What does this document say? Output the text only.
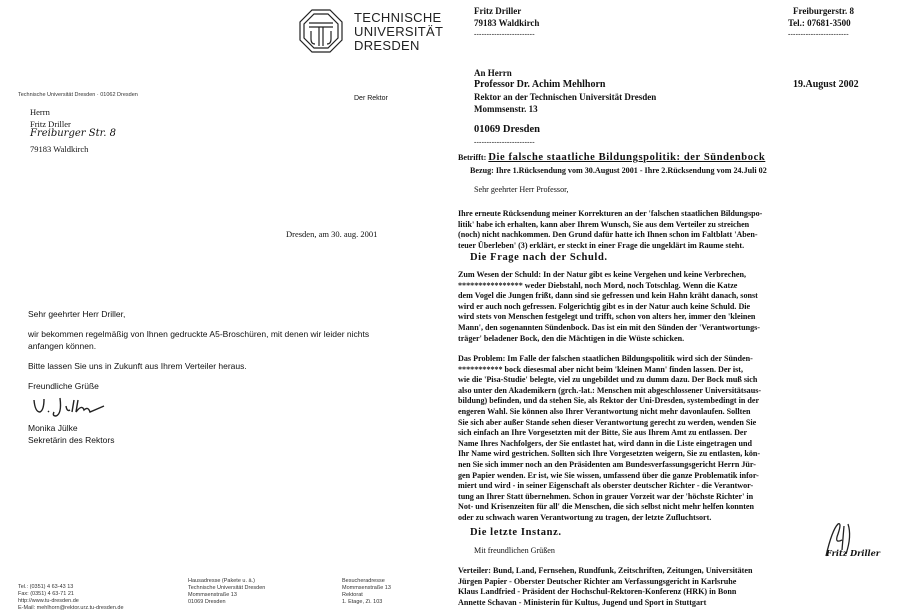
TECHNISCHE
UNIVERSITÄT
DRESDEN
Technische Universität Dresden · 01062 Dresden	Der Rektor
Herrn
Fritz Driller
Freiburger Str. 8
79183 Waldkirch
Dresden, am 30. aug. 2001
Sehr geehrter Herr Driller,
wir bekommen regelmäßig von Ihnen gedruckte A5-Broschüren, mit denen wir leider nichts
anfangen können.
Bitte lassen Sie uns in Zukunft aus Ihrem Verteiler heraus.
Freundliche Grüße
Monika Jülke
Sekretärin des Rektors
Tel.: (0351) 4 63-43 13
Fax: (0351) 4 63-71 21
http://www.tu-dresden.de
E-Mail: mehlhorn@rektor.urz.tu-dresden.de
Hausadresse (Pakete u. ä.)
Technische Universität Dresden
Mommsenstraße 13
01069 Dresden
Besucheradresse
Mommsenstraße 13
Rektorat
1. Etage, Zi. 103
Fritz Driller
79183 Waldkirch
------------------------
Freiburgerstr. 8
Tel.: 07681-3500
------------------------
An Herrn
Professor Dr. Achim Mehlhorn
Rektor an der Technischen Universität Dresden
Mommsenstr. 13
19.August 2002
01069 Dresden
------------------------
Betrifft: Die falsche staatliche Bildungspolitik: der Sündenbock
Bezug: Ihre 1.Rücksendung vom 30.August 2001 - Ihre 2.Rücksendung vom 24.Juli 02
Sehr geehrter Herr Professor,
Ihre erneute Rücksendung meiner Korrekturen an der 'falschen staatlichen Bildungspo-
litik' habe ich erhalten, kann aber Ihrem Wunsch, Sie aus dem Verteiler zu streichen
(noch) nicht nachkommen. Den Grund dafür hatte ich Ihnen schon im Faltblatt 'Aben-
teuer Überleben' (3) erklärt, er steckt in einer Frage die ungeklärt im Raume steht.
Die Frage nach der Schuld.
Zum Wesen der Schuld: In der Natur gibt es keine Vergehen und keine Verbrechen,
**************** weder Diebstahl, noch Mord, noch Totschlag. Wenn die Katze
dem Vogel die Jungen frißt, dann sind sie gefressen und kein Hahn kräht danach, sonst
wird er auch noch gefressen. Folgerichtig gibt es in der Natur auch keine Schuld. Die
wird stets von Menschen festgelegt und trifft, schon von alters her, immer den 'kleinen
Mann', den sogenannten Sündenbock. Das ist ein mit den Sünden der 'Verantwortungs-
träger' beladener Bock, den die Mächtigen in die Wüste schicken.
Das Problem: Im Falle der falschen staatlichen Bildungspolitik wird sich der Sünden-
*********** bock diesesmal aber nicht beim 'kleinen Mann' finden lassen. Der ist,
wie die 'Pisa-Studie' belegte, viel zu ungebildet und zu dumm dazu. Der Bock muß sich
also unter den Akademikern (grch.-lat.: Menschen mit abgeschlossener Universitätsaus-
bildung) befinden, und da stehen Sie, als Rektor der Uni-Dresden, systembedingt in der
engeren Wahl. Sie können also Ihrer Verantwortung nicht mehr davonlaufen. Sollten
Sie sich aber außer Stande sehen dieser Verantwortung gerecht zu werden, wenden Sie
sich einfach an Ihre Vorgesetzten mit der Bitte, Sie aus Ihrem Amt zu entlassen. Der
Name Ihres Nachfolgers, der Sie entlastet hat, wird dann in die Liste eingetragen und
Ihr Name wird gestrichen. Sollten sich Ihre Vorgesetzten weigern, Sie zu entlasten, kön-
nen Sie sich immer noch an den Präsidenten am Bundesverfassungsgericht Herrn Jür-
gen Papier wenden. Er ist, wie Sie wissen, umfassend über die ganze Problematik infor-
miert und wird - in seiner Eigenschaft als oberster deutscher Richter - die Verantwor-
tung an Ihrer Statt übernehmen. Schon in grauer Vorzeit war der 'höchste Richter' in
Not- und Krisenzeiten für all' die Menschen, die sich selbst nicht mehr helfen konnten
oder zu schwach waren Verantwortung zu tragen, der letzte Zufluchtsort.
Die letzte Instanz.
Mit freundlichen Grüßen	Fritz Driller
Verteiler: Bund, Land, Fernsehen, Rundfunk, Zeitschriften, Zeitungen, Universitäten
Jürgen Papier - Oberster Deutscher Richter am Verfassungsgericht in Karlsruhe
Klaus Landfried - Präsident der Hochschul-Rektoren-Konferenz (HRK) in Bonn
Annette Schavan - Ministerin für Kultus, Jugend und Sport in Stuttgart
